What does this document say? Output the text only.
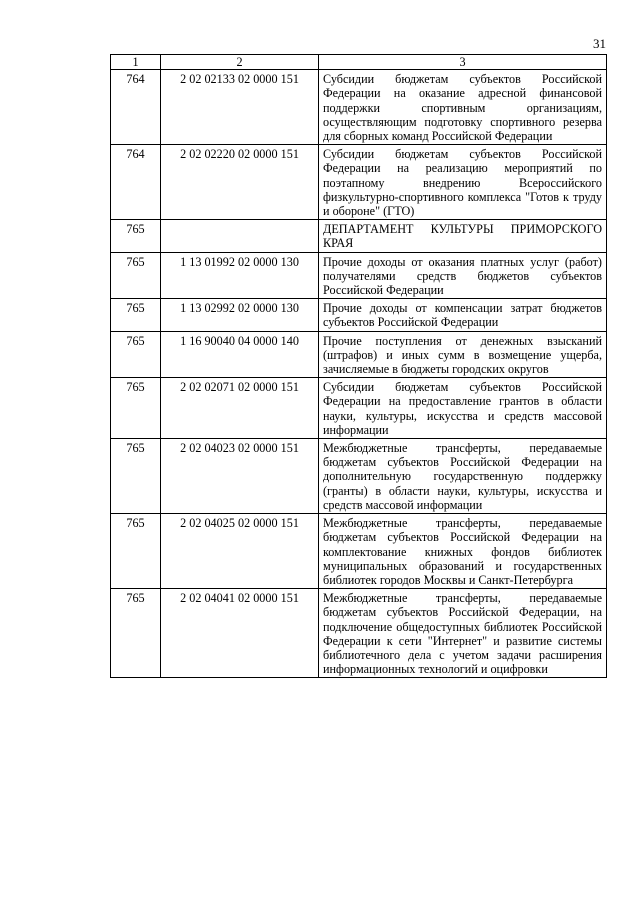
31
1	2	3
764	2 02 02133 02 0000 151	Субсидии бюджетам субъектов Российской Федерации на оказание адресной финансовой поддержки спортивным организациям, осуществляющим подготовку спортивного резерва для сборных команд Российской Федерации
764	2 02 02220 02 0000 151	Субсидии бюджетам субъектов Российской Федерации на реализацию мероприятий по поэтапному внедрению Всероссийского физкультурно-спортивного комплекса "Готов к труду и обороне" (ГТО)
765		ДЕПАРТАМЕНТ КУЛЬТУРЫ ПРИМОРСКОГО КРАЯ
765	1 13 01992 02 0000 130	Прочие доходы от оказания платных услуг (работ) получателями средств бюджетов субъектов Российской Федерации
765	1 13 02992 02 0000 130	Прочие доходы от компенсации затрат бюджетов субъектов Российской Федерации
765	1 16 90040 04 0000 140	Прочие поступления от денежных взысканий (штрафов) и иных сумм в возмещение ущерба, зачисляемые в бюджеты городских округов
765	2 02 02071 02 0000 151	Субсидии бюджетам субъектов Российской Федерации на предоставление грантов в области науки, культуры, искусства и средств массовой информации
765	2 02 04023 02 0000 151	Межбюджетные трансферты, передаваемые бюджетам субъектов Российской Федерации на дополнительную государственную поддержку (гранты) в области науки, культуры, искусства и средств массовой информации
765	2 02 04025 02 0000 151	Межбюджетные трансферты, передаваемые бюджетам субъектов Российской Федерации на комплектование книжных фондов библиотек муниципальных образований и государственных библиотек городов Москвы и Санкт-Петербурга
765	2 02 04041 02 0000 151	Межбюджетные трансферты, передаваемые бюджетам субъектов Российской Федерации, на подключение общедоступных библиотек Российской Федерации к сети "Интернет" и развитие системы библиотечного дела с учетом задачи расширения информационных технологий и оцифровки
